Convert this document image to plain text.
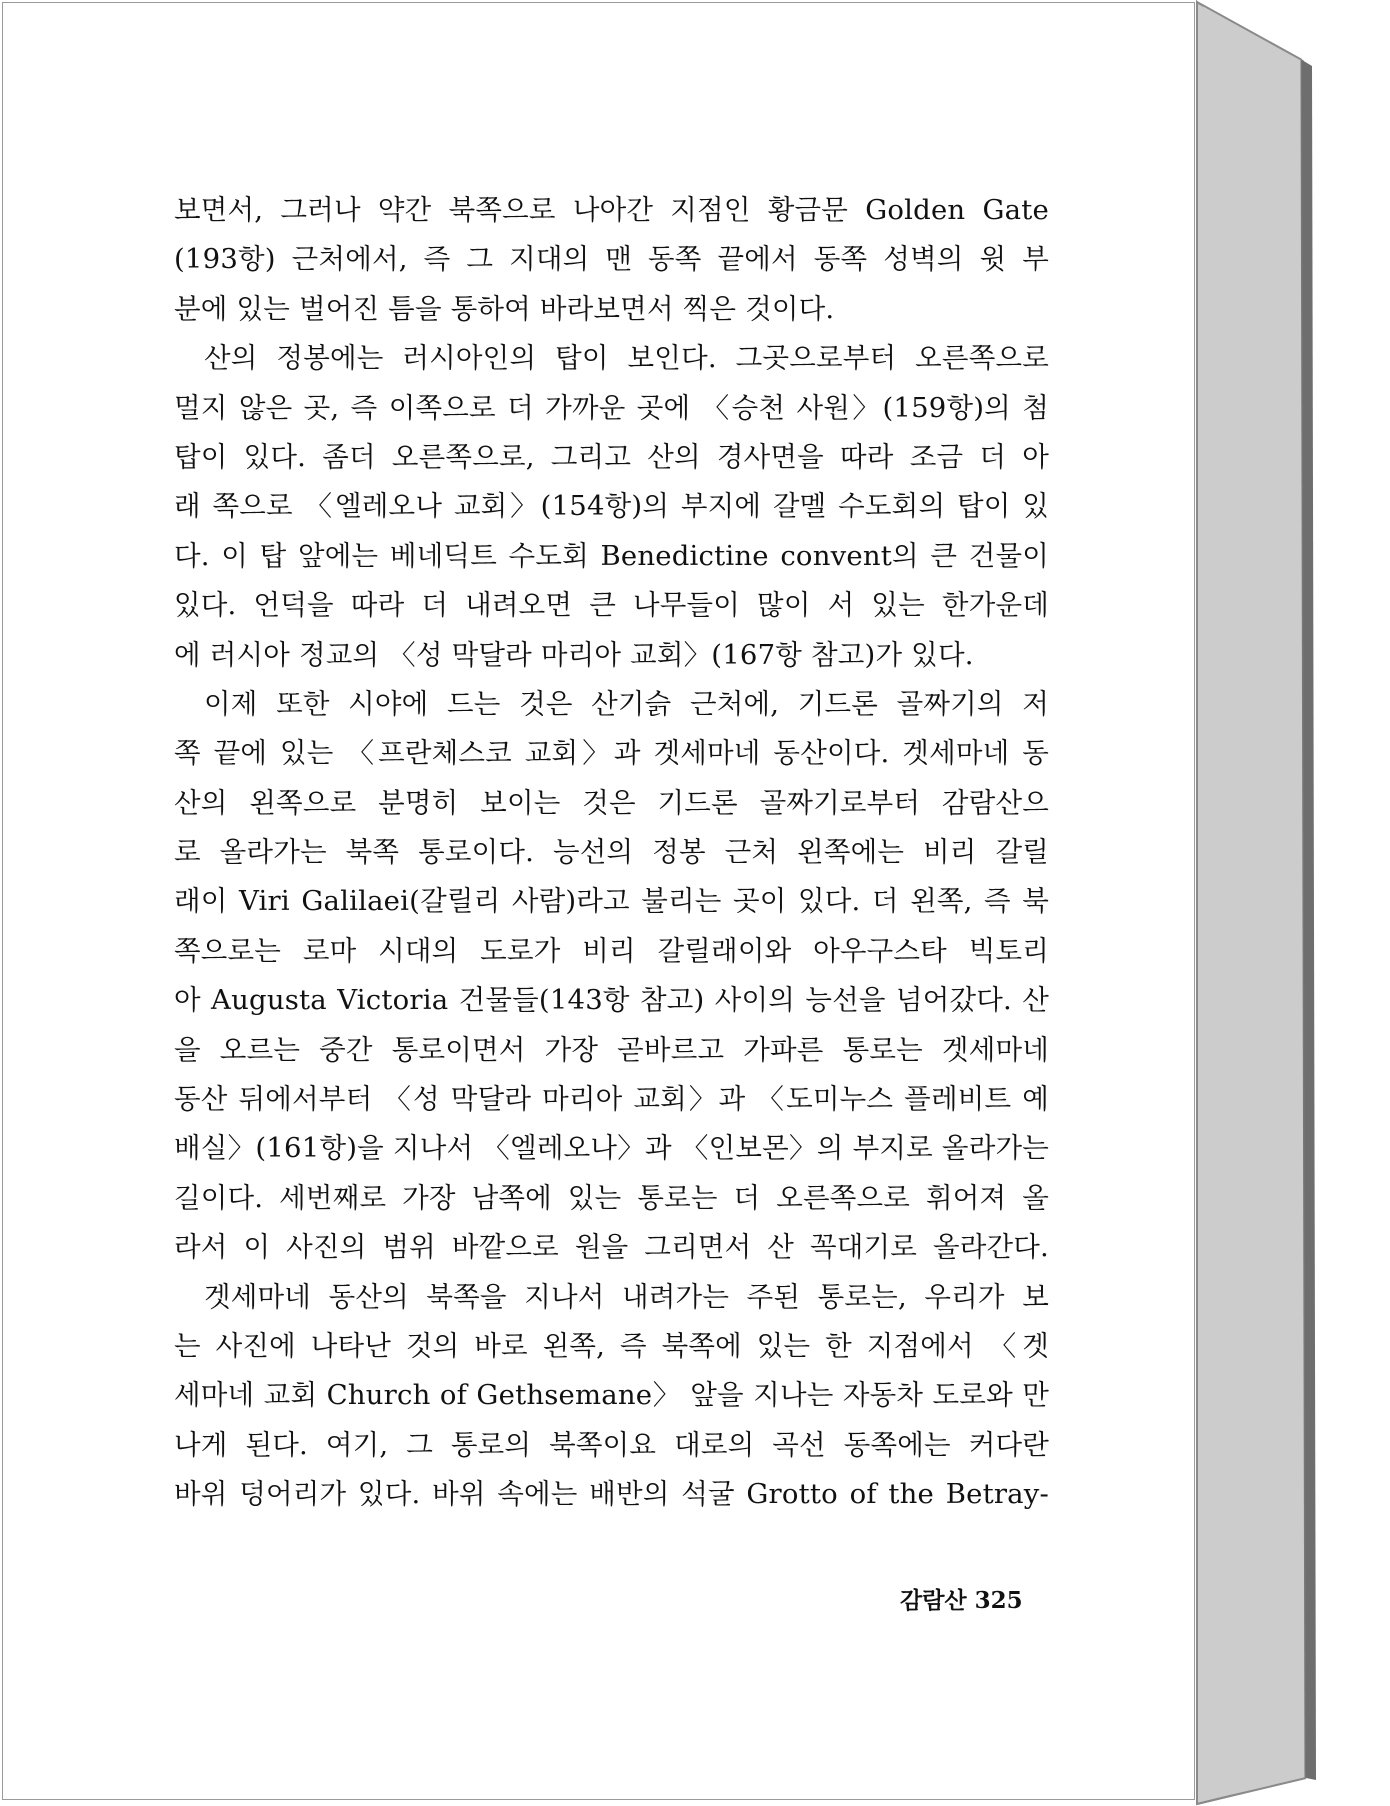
보면서, 그러나 약간 북쪽으로 나아간 지점인 황금문 Golden Gate
(193항) 근처에서, 즉 그 지대의 맨 동쪽 끝에서 동쪽 성벽의 윗 부
분에 있는 벌어진 틈을 통하여 바라보면서 찍은 것이다.
산의 정봉에는 러시아인의 탑이 보인다. 그곳으로부터 오른쪽으로
멀지 않은 곳, 즉 이쪽으로 더 가까운 곳에 〈승천 사원〉(159항)의 첨
탑이 있다. 좀더 오른쪽으로, 그리고 산의 경사면을 따라 조금 더 아
래 쪽으로 〈엘레오나 교회〉(154항)의 부지에 갈멜 수도회의 탑이 있
다. 이 탑 앞에는 베네딕트 수도회 Benedictine convent의 큰 건물이
있다. 언덕을 따라 더 내려오면 큰 나무들이 많이 서 있는 한가운데
에 러시아 정교의 〈성 막달라 마리아 교회〉(167항 참고)가 있다.
이제 또한 시야에 드는 것은 산기슭 근처에, 기드론 골짜기의 저
쪽 끝에 있는 〈프란체스코 교회〉과 겟세마네 동산이다. 겟세마네 동
산의 왼쪽으로 분명히 보이는 것은 기드론 골짜기로부터 감람산으
로 올라가는 북쪽 통로이다. 능선의 정봉 근처 왼쪽에는 비리 갈릴
래이 Viri Galilaei(갈릴리 사람)라고 불리는 곳이 있다. 더 왼쪽, 즉 북
쪽으로는 로마 시대의 도로가 비리 갈릴래이와 아우구스타 빅토리
아 Augusta Victoria 건물들(143항 참고) 사이의 능선을 넘어갔다. 산
을 오르는 중간 통로이면서 가장 곧바르고 가파른 통로는 겟세마네
동산 뒤에서부터 〈성 막달라 마리아 교회〉과 〈도미누스 플레비트 예
배실〉(161항)을 지나서 〈엘레오나〉과 〈인보몬〉의 부지로 올라가는
길이다. 세번째로 가장 남쪽에 있는 통로는 더 오른쪽으로 휘어져 올
라서 이 사진의 범위 바깥으로 원을 그리면서 산 꼭대기로 올라간다.
겟세마네 동산의 북쪽을 지나서 내려가는 주된 통로는, 우리가 보
는 사진에 나타난 것의 바로 왼쪽, 즉 북쪽에 있는 한 지점에서 〈겟
세마네 교회 Church of Gethsemane〉 앞을 지나는 자동차 도로와 만
나게 된다. 여기, 그 통로의 북쪽이요 대로의 곡선 동쪽에는 커다란
바위 덩어리가 있다. 바위 속에는 배반의 석굴 Grotto of the Betray-
감람산 325
